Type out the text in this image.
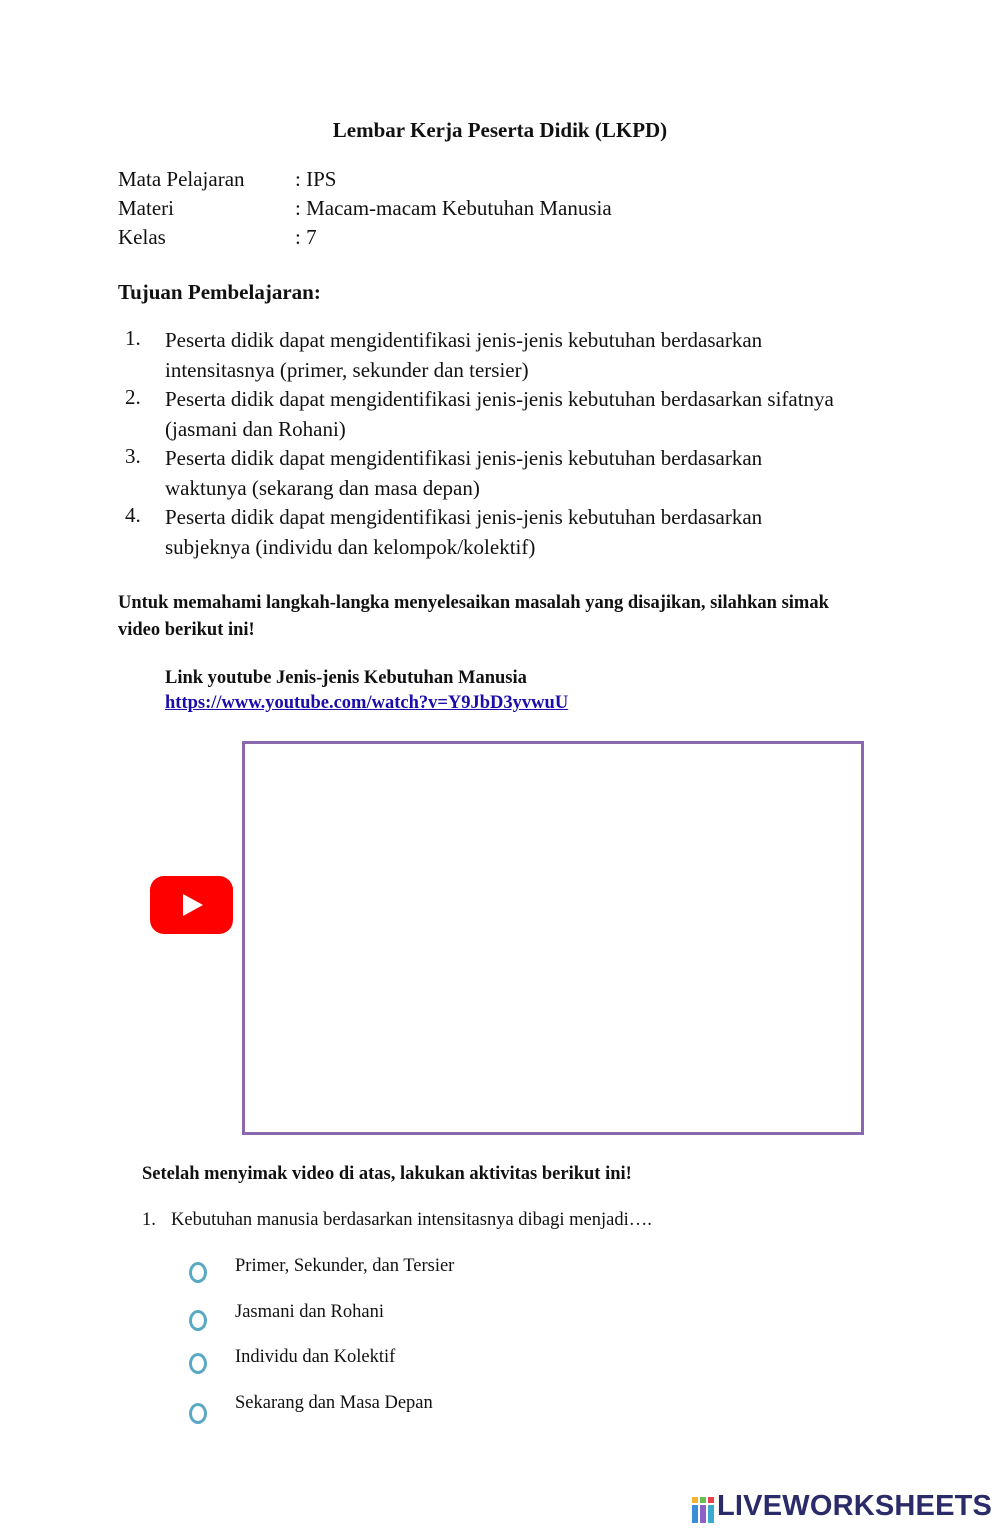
Lembar Kerja Peserta Didik (LKPD)
Mata Pelajaran : IPS
Materi	: Macam-macam Kebutuhan Manusia
Kelas	: 7
Tujuan Pembelajaran:
1. Peserta didik dapat mengidentifikasi jenis-jenis kebutuhan berdasarkan
intensitasnya (primer, sekunder dan tersier)
2. Peserta didik dapat mengidentifikasi jenis-jenis kebutuhan berdasarkan sifatnya
(jasmani dan Rohani)
3. Peserta didik dapat mengidentifikasi jenis-jenis kebutuhan berdasarkan
waktunya (sekarang dan masa depan)
4. Peserta didik dapat mengidentifikasi jenis-jenis kebutuhan berdasarkan
subjeknya (individu dan kelompok/kolektif)
Untuk memahami langkah-langka menyelesaikan masalah yang disajikan, silahkan simak
video berikut ini!
Link youtube Jenis-jenis Kebutuhan Manusia
https://www.youtube.com/watch?v=Y9JbD3yvwuU
Setelah menyimak video di atas, lakukan aktivitas berikut ini!
1. Kebutuhan manusia berdasarkan intensitasnya dibagi menjadi….
Primer, Sekunder, dan Tersier
Jasmani dan Rohani
Individu dan Kolektif
Sekarang dan Masa Depan
LIVEWORKSHEETS
